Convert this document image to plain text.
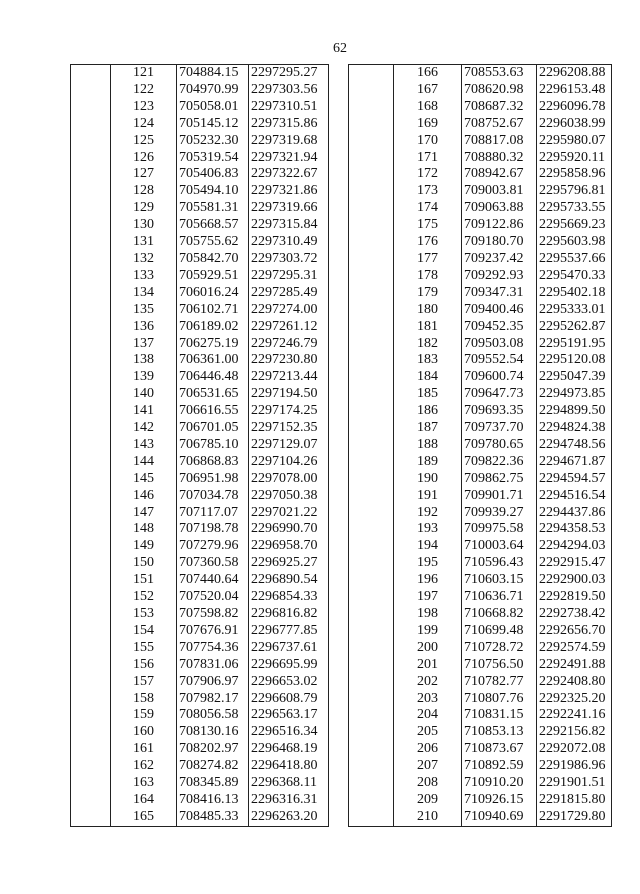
62
	121	704884.15	2297295.27
	122	704970.99	2297303.56
	123	705058.01	2297310.51
	124	705145.12	2297315.86
	125	705232.30	2297319.68
	126	705319.54	2297321.94
	127	705406.83	2297322.67
	128	705494.10	2297321.86
	129	705581.31	2297319.66
	130	705668.57	2297315.84
	131	705755.62	2297310.49
	132	705842.70	2297303.72
	133	705929.51	2297295.31
	134	706016.24	2297285.49
	135	706102.71	2297274.00
	136	706189.02	2297261.12
	137	706275.19	2297246.79
	138	706361.00	2297230.80
	139	706446.48	2297213.44
	140	706531.65	2297194.50
	141	706616.55	2297174.25
	142	706701.05	2297152.35
	143	706785.10	2297129.07
	144	706868.83	2297104.26
	145	706951.98	2297078.00
	146	707034.78	2297050.38
	147	707117.07	2297021.22
	148	707198.78	2296990.70
	149	707279.96	2296958.70
	150	707360.58	2296925.27
	151	707440.64	2296890.54
	152	707520.04	2296854.33
	153	707598.82	2296816.82
	154	707676.91	2296777.85
	155	707754.36	2296737.61
	156	707831.06	2296695.99
	157	707906.97	2296653.02
	158	707982.17	2296608.79
	159	708056.58	2296563.17
	160	708130.16	2296516.34
	161	708202.97	2296468.19
	162	708274.82	2296418.80
	163	708345.89	2296368.11
	164	708416.13	2296316.31
	165	708485.33	2296263.20
	166	708553.63	2296208.88
	167	708620.98	2296153.48
	168	708687.32	2296096.78
	169	708752.67	2296038.99
	170	708817.08	2295980.07
	171	708880.32	2295920.11
	172	708942.67	2295858.96
	173	709003.81	2295796.81
	174	709063.88	2295733.55
	175	709122.86	2295669.23
	176	709180.70	2295603.98
	177	709237.42	2295537.66
	178	709292.93	2295470.33
	179	709347.31	2295402.18
	180	709400.46	2295333.01
	181	709452.35	2295262.87
	182	709503.08	2295191.95
	183	709552.54	2295120.08
	184	709600.74	2295047.39
	185	709647.73	2294973.85
	186	709693.35	2294899.50
	187	709737.70	2294824.38
	188	709780.65	2294748.56
	189	709822.36	2294671.87
	190	709862.75	2294594.57
	191	709901.71	2294516.54
	192	709939.27	2294437.86
	193	709975.58	2294358.53
	194	710003.64	2294294.03
	195	710596.43	2292915.47
	196	710603.15	2292900.03
	197	710636.71	2292819.50
	198	710668.82	2292738.42
	199	710699.48	2292656.70
	200	710728.72	2292574.59
	201	710756.50	2292491.88
	202	710782.77	2292408.80
	203	710807.76	2292325.20
	204	710831.15	2292241.16
	205	710853.13	2292156.82
	206	710873.67	2292072.08
	207	710892.59	2291986.96
	208	710910.20	2291901.51
	209	710926.15	2291815.80
	210	710940.69	2291729.80
